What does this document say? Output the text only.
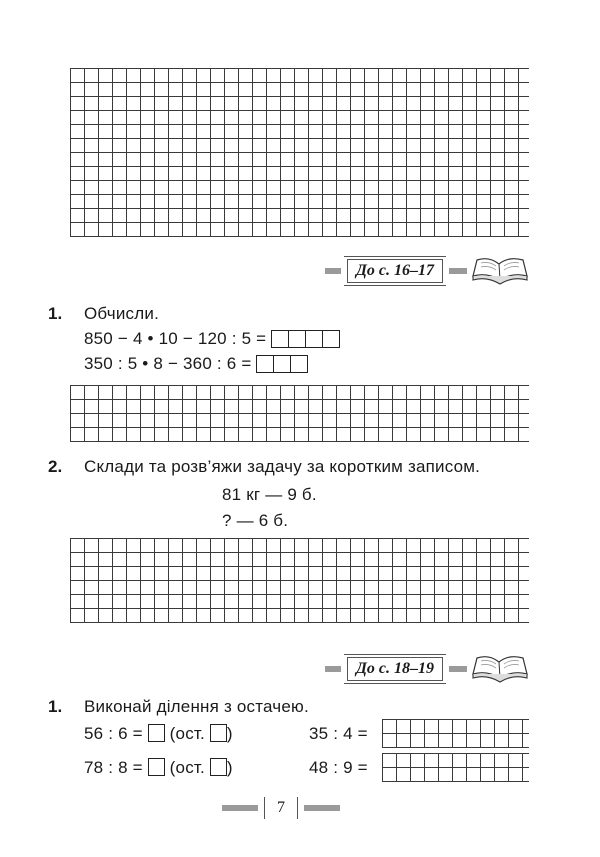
До с. 16–17
1. Обчисли.
850 − 4 • 10 − 120 : 5 =
350 : 5 • 8 − 360 : 6 =
2. Склади та розв’яжи задачу за коротким записом.
81 кг — 9 б.
? — 6 б.
До с. 18–19
1. Виконай ділення з остачею.
56 : 6 = (ост. )
78 : 8 = (ост. )
35 : 4 =
48 : 9 =
7
